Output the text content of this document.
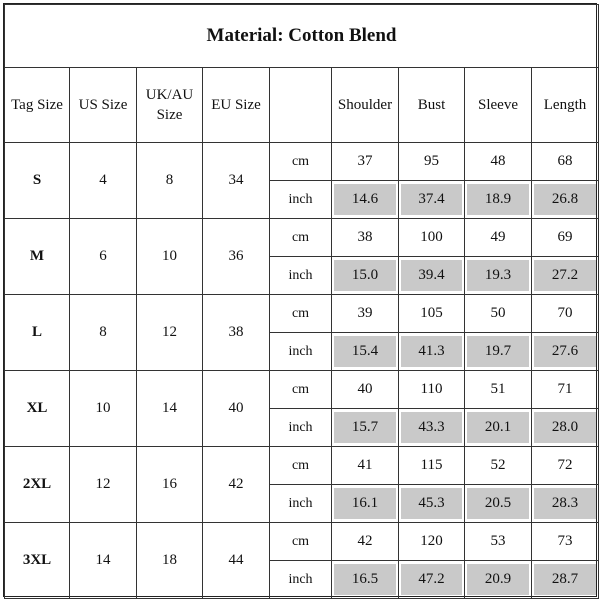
Material: Cotton Blend								
Tag Size	US Size	UK/AU Size	EU Size		Shoulder	Bust	Sleeve	Length
S	4	8	34	cm	37	95	48	68

				inch	14.6	37.4	18.9	26.8

M	6	10	36	cm	38	100	49	69

				inch	15.0	39.4	19.3	27.2

L	8	12	38	cm	39	105	50	70

				inch	15.4	41.3	19.7	27.6

XL	10	14	40	cm	40	110	51	71

				inch	15.7	43.3	20.1	28.0

2XL	12	16	42	cm	41	115	52	72

				inch	16.1	45.3	20.5	28.3

3XL	14	18	44	cm	42	120	53	73

				inch	16.5	47.2	20.9	28.7
